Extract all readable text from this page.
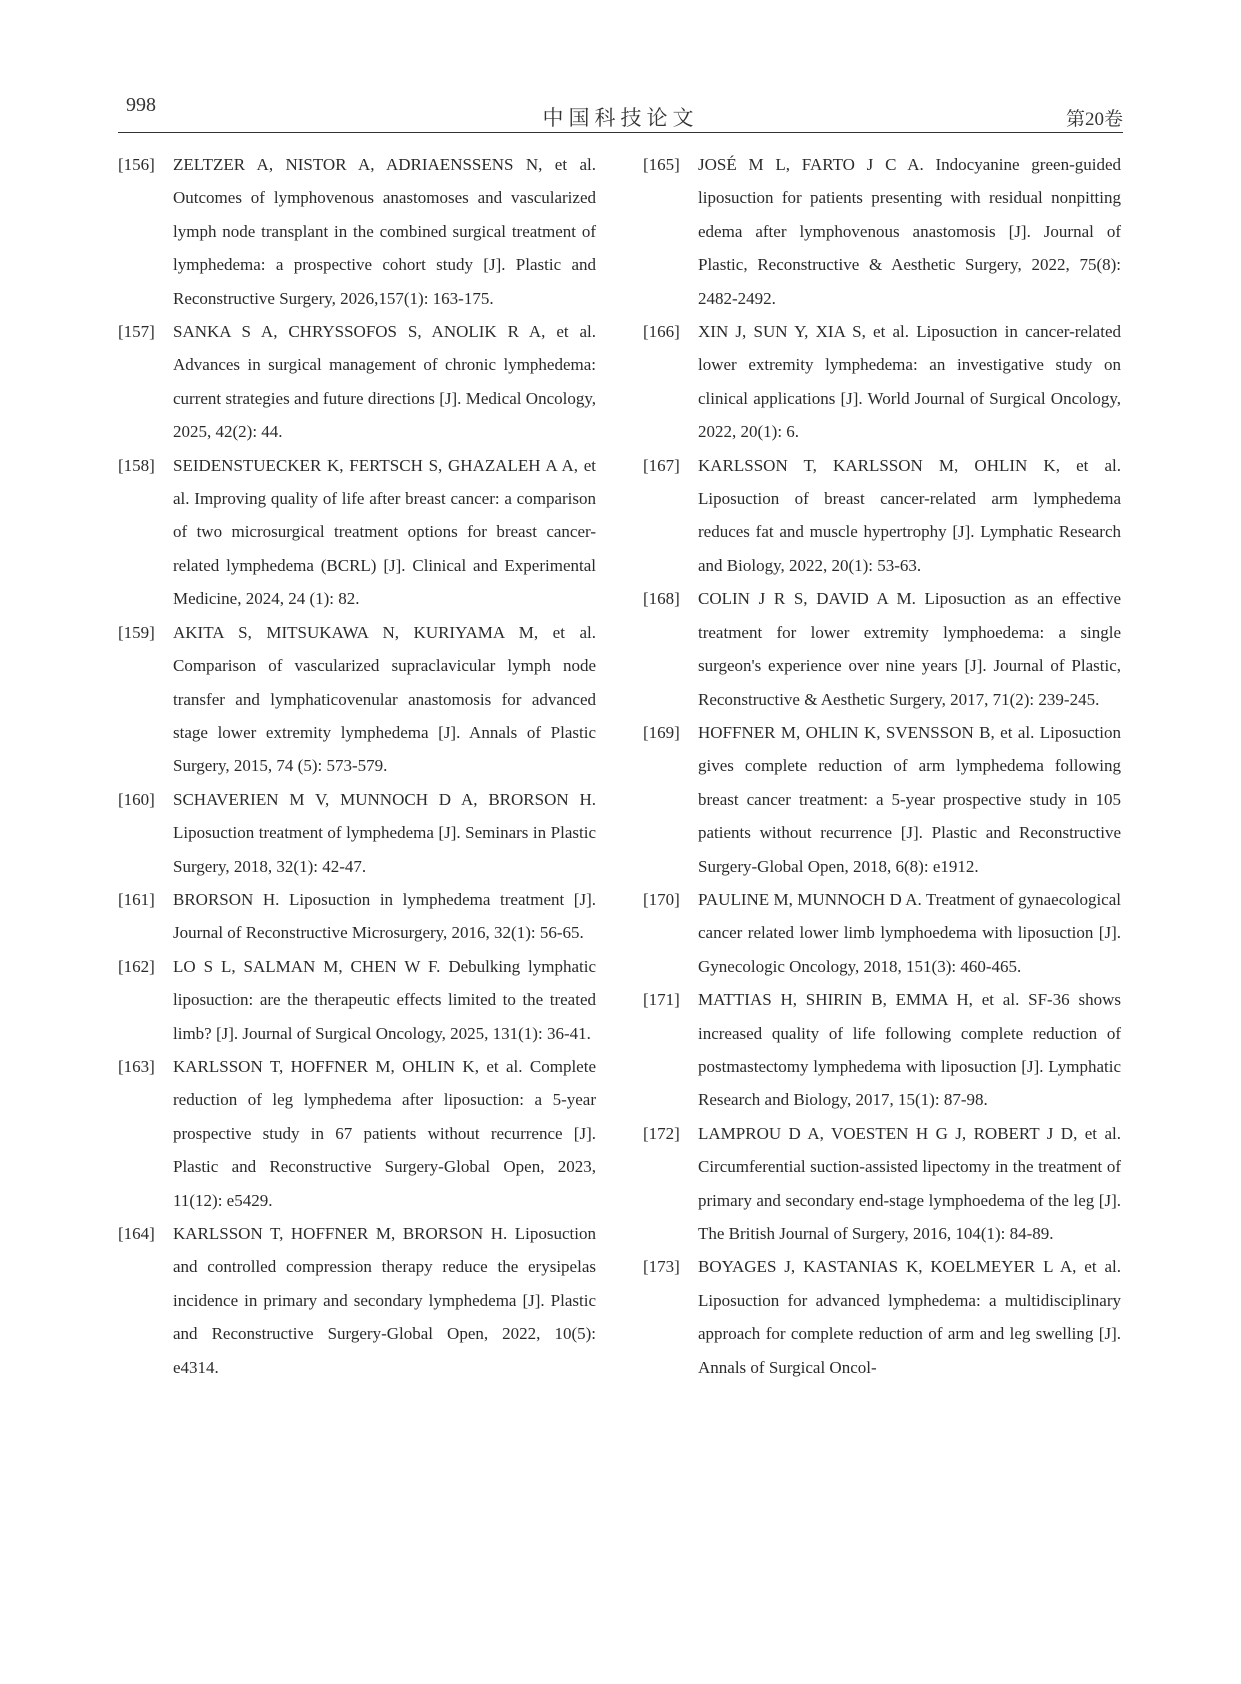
998
中国科技论文	第20卷

[156] ZELTZER A, NISTOR A, ADRIAENSSENS N, et al. Outcomes of lymphovenous anastomoses and vascularized lymph node transplant in the combined surgical treatment of lymphedema: a prospective cohort study [J]. Plastic and Reconstructive Surgery, 2026,157(1): 163-175.

[157] SANKA S A, CHRYSSOFOS S, ANOLIK R A, et al. Advances in surgical management of chronic lymphedema: current strategies and future directions [J]. Medical Oncology, 2025, 42(2): 44.

[158] SEIDENSTUECKER K, FERTSCH S, GHAZALEH A A, et al. Improving quality of life after breast cancer: a comparison of two microsurgical treatment options for breast cancer-related lymphedema (BCRL) [J]. Clinical and Experimental Medicine, 2024, 24 (1): 82.

[159] AKITA S, MITSUKAWA N, KURIYAMA M, et al. Comparison of vascularized supraclavicular lymph node transfer and lymphaticovenular anastomosis for advanced stage lower extremity lymphedema [J]. Annals of Plastic Surgery, 2015, 74 (5): 573-579.

[160] SCHAVERIEN M V, MUNNOCH D A, BRORSON H. Liposuction treatment of lymphedema [J]. Seminars in Plastic Surgery, 2018, 32(1): 42-47.

[161] BRORSON H. Liposuction in lymphedema treatment [J]. Journal of Reconstructive Microsurgery, 2016, 32(1): 56-65.

[162] LO S L, SALMAN M, CHEN W F. Debulking lymphatic liposuction: are the therapeutic effects limited to the treated limb? [J]. Journal of Surgical Oncology, 2025, 131(1): 36-41.

[163] KARLSSON T, HOFFNER M, OHLIN K, et al. Complete reduction of leg lymphedema after liposuction: a 5-year prospective study in 67 patients without recurrence [J]. Plastic and Reconstructive Surgery-Global Open, 2023, 11(12): e5429.

[164] KARLSSON T, HOFFNER M, BRORSON H. Liposuction and controlled compression therapy reduce the erysipelas incidence in primary and secondary lymphedema [J]. Plastic and Reconstructive Surgery-Global Open, 2022, 10(5): e4314.

[165] JOSÉ M L, FARTO J C A. Indocyanine green-guided liposuction for patients presenting with residual nonpitting edema after lymphovenous anastomosis [J]. Journal of Plastic, Reconstructive & Aesthetic Surgery, 2022, 75(8): 2482-2492.

[166] XIN J, SUN Y, XIA S, et al. Liposuction in cancer-related lower extremity lymphedema: an investigative study on clinical applications [J]. World Journal of Surgical Oncology, 2022, 20(1): 6.

[167] KARLSSON T, KARLSSON M, OHLIN K, et al. Liposuction of breast cancer-related arm lymphedema reduces fat and muscle hypertrophy [J]. Lymphatic Research and Biology, 2022, 20(1): 53-63.

[168] COLIN J R S, DAVID A M. Liposuction as an effective treatment for lower extremity lymphoedema: a single surgeon's experience over nine years [J]. Journal of Plastic, Reconstructive & Aesthetic Surgery, 2017, 71(2): 239-245.

[169] HOFFNER M, OHLIN K, SVENSSON B, et al. Liposuction gives complete reduction of arm lymphedema following breast cancer treatment: a 5-year prospective study in 105 patients without recurrence [J]. Plastic and Reconstructive Surgery-Global Open, 2018, 6(8): e1912.

[170] PAULINE M, MUNNOCH D A. Treatment of gynaecological cancer related lower limb lymphoedema with liposuction [J]. Gynecologic Oncology, 2018, 151(3): 460-465.

[171] MATTIAS H, SHIRIN B, EMMA H, et al. SF-36 shows increased quality of life following complete reduction of postmastectomy lymphedema with liposuction [J]. Lymphatic Research and Biology, 2017, 15(1): 87-98.

[172] LAMPROU D A, VOESTEN H G J, ROBERT J D, et al. Circumferential suction-assisted lipectomy in the treatment of primary and secondary end-stage lymphoedema of the leg [J]. The British Journal of Surgery, 2016, 104(1): 84-89.

[173] BOYAGES J, KASTANIAS K, KOELMEYER L A, et al. Liposuction for advanced lymphedema: a multidisciplinary approach for complete reduction of arm and leg swelling [J]. Annals of Surgical Oncol-
